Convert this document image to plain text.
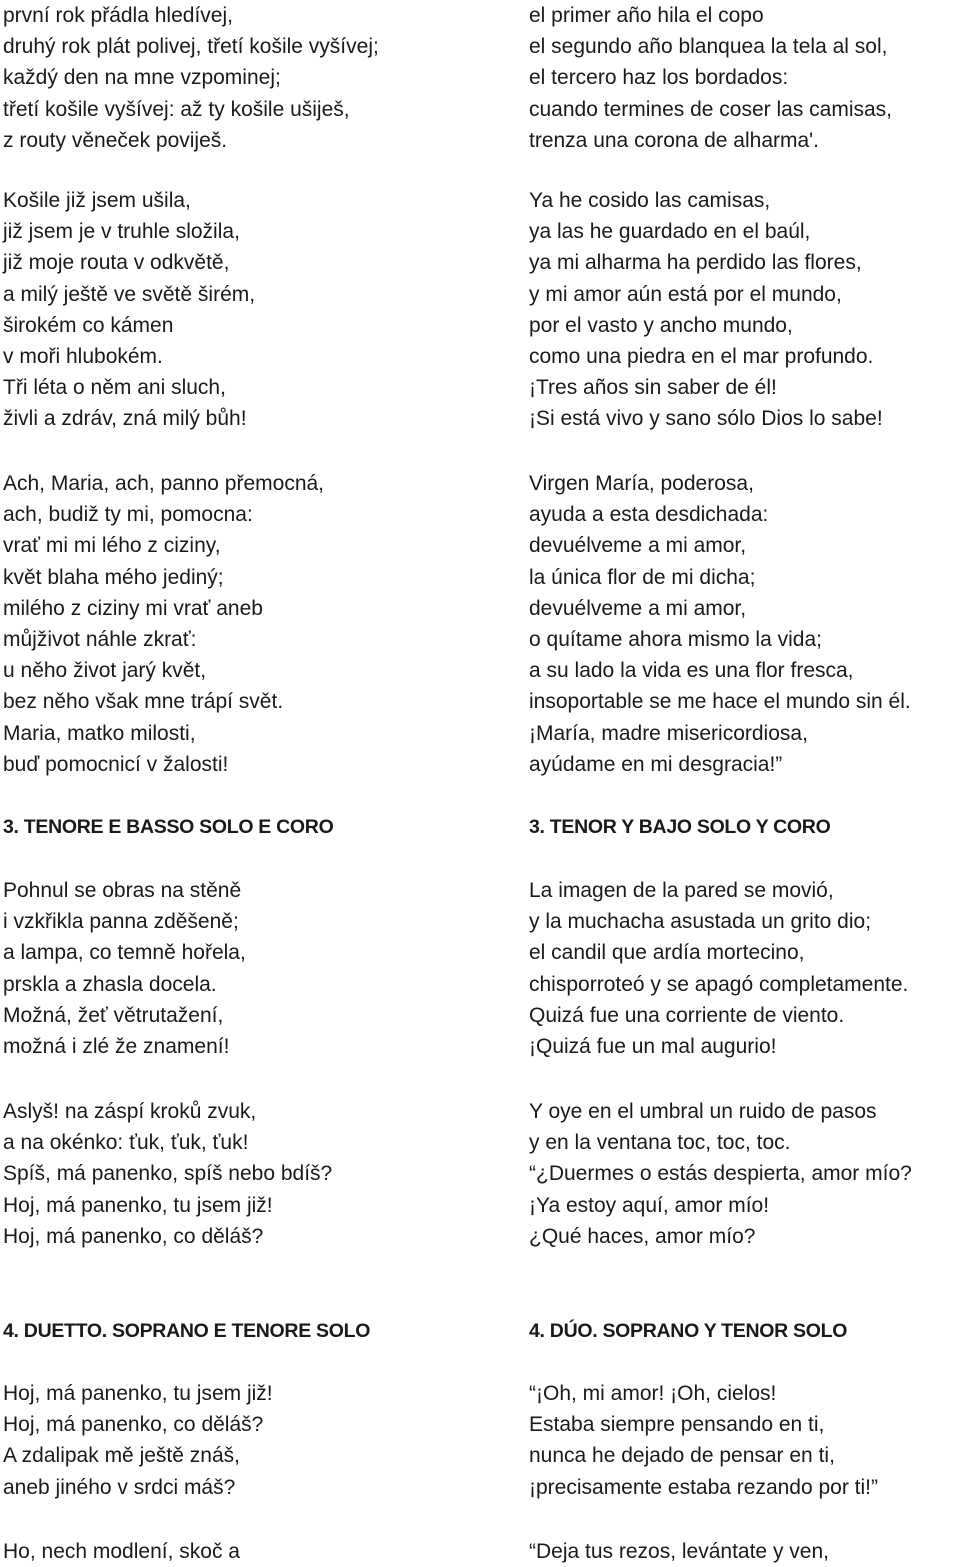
první rok přádla hledívej,
druhý rok plát polivej, třetí košile vyšívej;
každý den na mne vzpominej;
třetí košile vyšívej: až ty košile ušiješ,
z routy věneček poviješ.
Košile již jsem ušila,
již jsem je v truhle složila,
již moje routa v odkvětě,
a milý ještě ve světě širém,
širokém co kámen
v moři hlubokém.
Tři léta o něm ani sluch,
živli a zdráv, zná milý bůh!
Ach, Maria, ach, panno přemocná,
ach, budiž ty mi, pomocna:
vrať mi mi lého z ciziny,
květ blaha mého jediný;
milého z ciziny mi vrať aneb
můjživot náhle zkrať:
u něho život jarý květ,
bez něho však mne trápí svět.
Maria, matko milosti,
buď pomocnicí v žalosti!
3. TENORE E BASSO SOLO E CORO
Pohnul se obras na stěně
i vzkřikla panna zděšeně;
a lampa, co temně hořela,
prskla a zhasla docela.
Možná, žeť větrutažení,
možná i zlé že znamení!
Aslyš! na záspí kroků zvuk,
a na okénko: ťuk, ťuk, ťuk!
Spíš, má panenko, spíš nebo bdíš?
Hoj, má panenko, tu jsem již!
Hoj, má panenko, co děláš?
4. DUETTO. SOPRANO E TENORE SOLO
Hoj, má panenko, tu jsem již!
Hoj, má panenko, co děláš?
A zdalipak mě ještě znáš,
aneb jiného v srdci máš?
Ho, nech modlení, skoč a
el primer año hila el copo
el segundo año blanquea la tela al sol,
el tercero haz los bordados:
cuando termines de coser las camisas,
trenza una corona de alharma'.
Ya he cosido las camisas,
ya las he guardado en el baúl,
ya mi alharma ha perdido las flores,
y mi amor aún está por el mundo,
por el vasto y ancho mundo,
como una piedra en el mar profundo.
¡Tres años sin saber de él!
¡Si está vivo y sano sólo Dios lo sabe!
Virgen María, poderosa,
ayuda a esta desdichada:
devuélveme a mi amor,
la única flor de mi dicha;
devuélveme a mi amor,
o quítame ahora mismo la vida;
a su lado la vida es una flor fresca,
insoportable se me hace el mundo sin él.
¡María, madre misericordiosa,
ayúdame en mi desgracia!”
3. TENOR Y BAJO SOLO Y CORO
La imagen de la pared se movió,
y la muchacha asustada un grito dio;
el candil que ardía mortecino,
chisporroteó y se apagó completamente.
Quizá fue una corriente de viento.
¡Quizá fue un mal augurio!
Y oye en el umbral un ruido de pasos
y en la ventana toc, toc, toc.
“¿Duermes o estás despierta, amor mío?
¡Ya estoy aquí, amor mío!
¿Qué haces, amor mío?
4. DÚO. SOPRANO Y TENOR SOLO
“¡Oh, mi amor! ¡Oh, cielos!
Estaba siempre pensando en ti,
nunca he dejado de pensar en ti,
¡precisamente estaba rezando por ti!”
“Deja tus rezos, levántate y ven,
